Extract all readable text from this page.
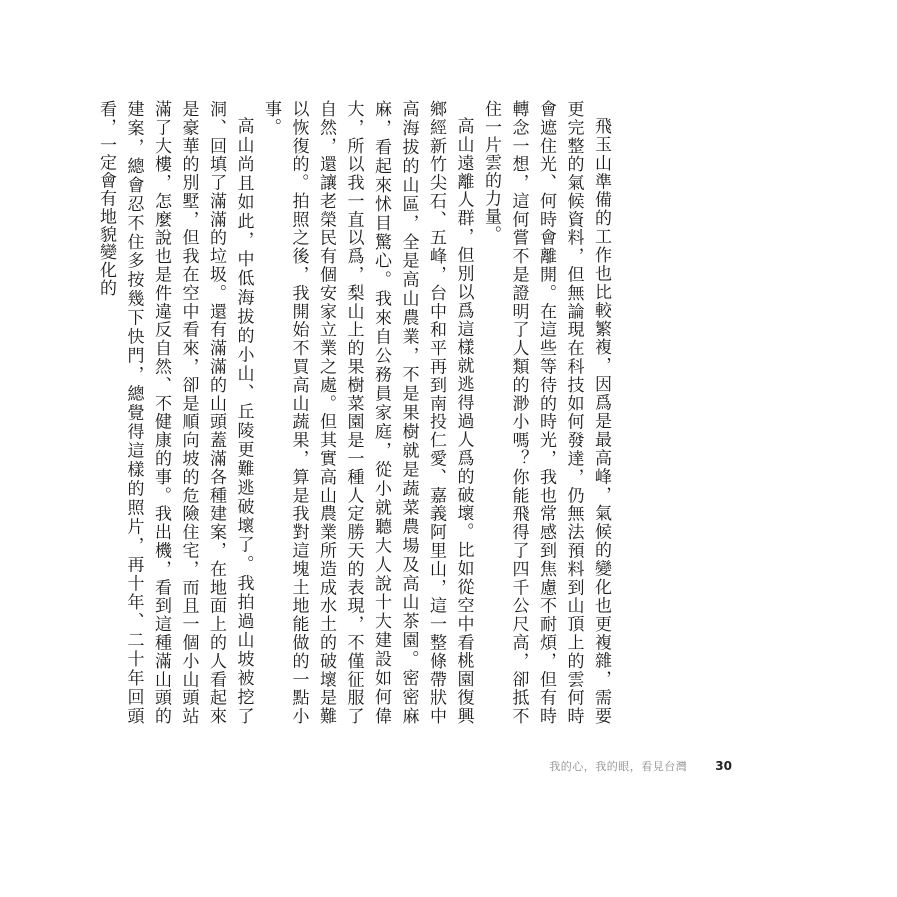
飛玉山準備的工作也比較繁複，因爲是最高峰，氣候的變化也更複雜，需要更完整的氣候資料，但無論現在科技如何發達，仍無法預料到山頂上的雲何時會遮住光、何時會離開。在這些等待的時光，我也常感到焦慮不耐煩，但有時轉念一想，這何嘗不是證明了人類的渺小嗎？你能飛得了四千公尺高，卻抵不住一片雲的力量。

高山遠離人群，但別以爲這樣就逃得過人爲的破壞。比如從空中看桃園復興鄉經新竹尖石、五峰，台中和平再到南投仁愛、嘉義阿里山，這一整條帶狀中高海拔的山區，全是高山農業，不是果樹就是蔬菜農場及高山茶園。密密麻麻，看起來怵目驚心。我來自公務員家庭，從小就聽大人說十大建設如何偉大，所以我一直以爲，梨山上的果樹菜園是一種人定勝天的表現，不僅征服了自然，還讓老榮民有個安家立業之處。但其實高山農業所造成水土的破壞是難以恢復的。拍照之後，我開始不買高山蔬果，算是我對這塊土地能做的一點小事。

高山尚且如此，中低海拔的小山、丘陵更難逃破壞了。我拍過山坡被挖了洞、回填了滿滿的垃圾。還有滿滿的山頭蓋滿各種建案，在地面上的人看起來是豪華的別墅，但我在空中看來，卻是順向坡的危險住宅，而且一個小山頭站滿了大樓，怎麼說也是件違反自然、不健康的事。我出機，看到這種滿山頭的建案，總會忍不住多按幾下快門，總覺得這樣的照片，再十年、二十年回頭看，一定會有地貌變化的

我的心，我的眼，看見台灣 30
